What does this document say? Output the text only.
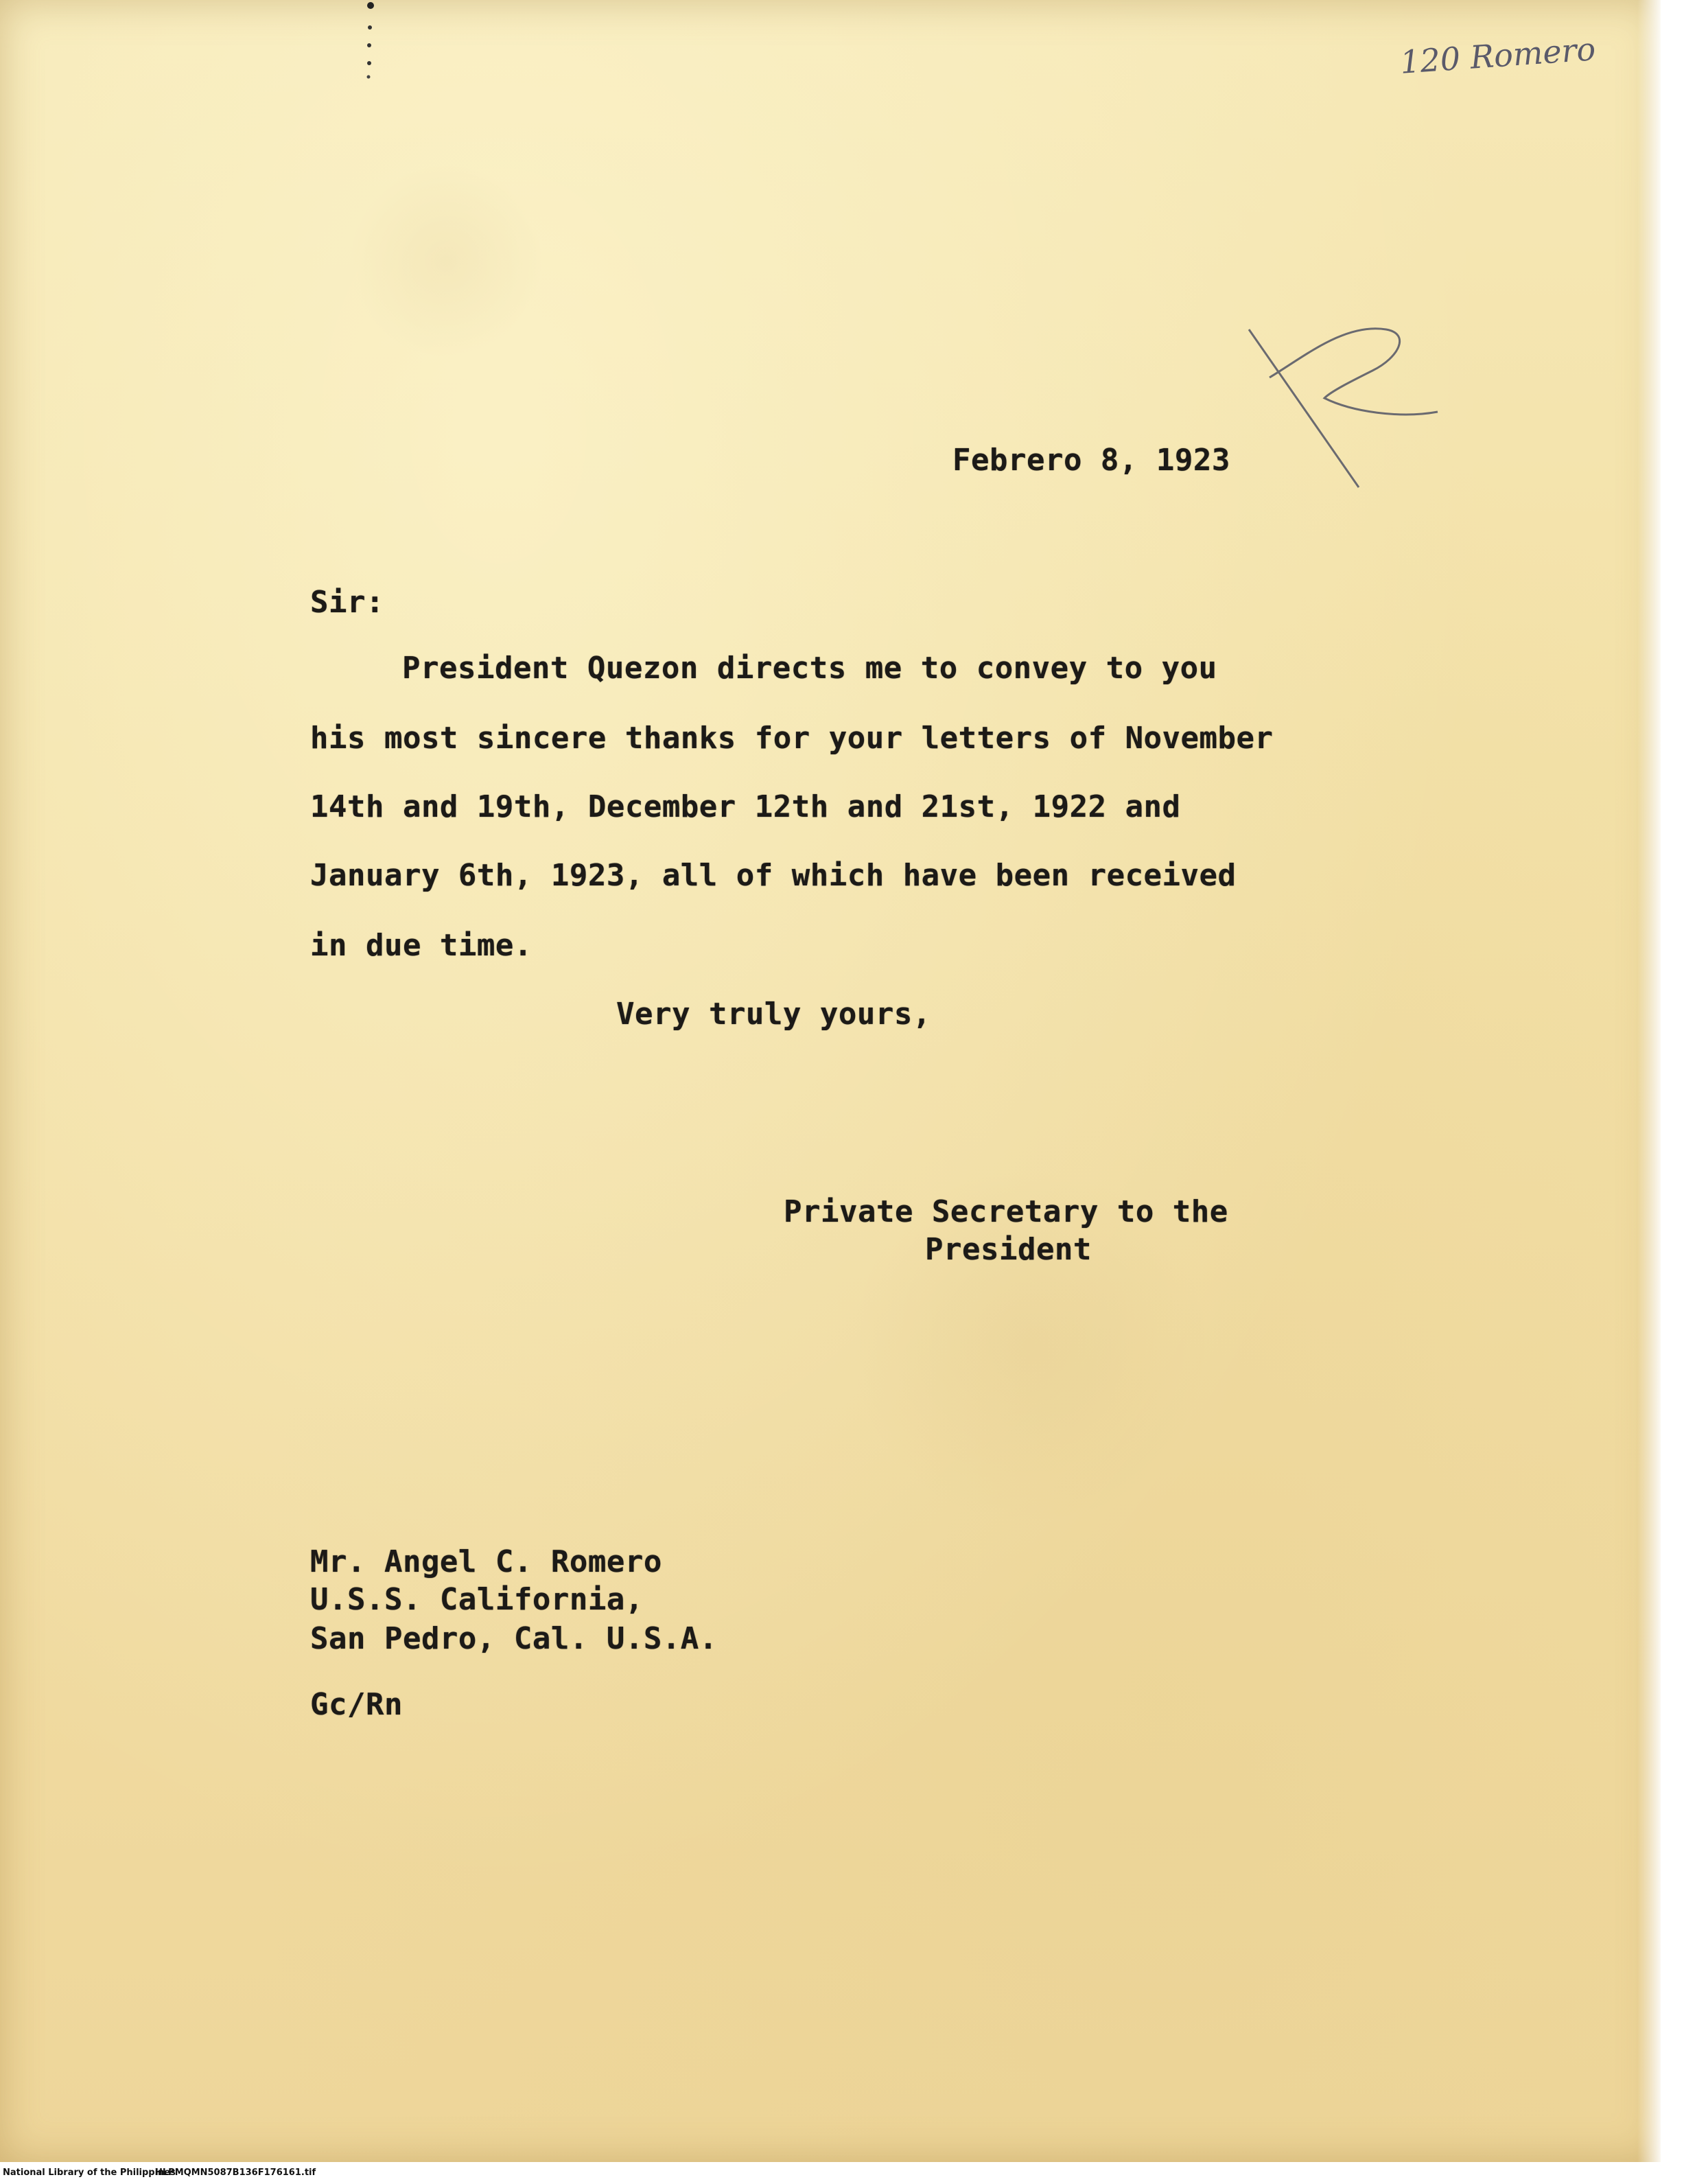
120 Romero
Febrero 8, 1923
Sir:
President Quezon directs me to convey to you
his most sincere thanks for your letters of November
14th and 19th, December 12th and 21st, 1922 and
January 6th, 1923, all of which have been received
in due time.
Very truly yours,
Private Secretary to the
President
Mr. Angel C. Romero
U.S.S. California,
San Pedro, Cal. U.S.A.
Gc/Rn
National Library of the Philippines
HLPMQMN5087B136F176161.tif
